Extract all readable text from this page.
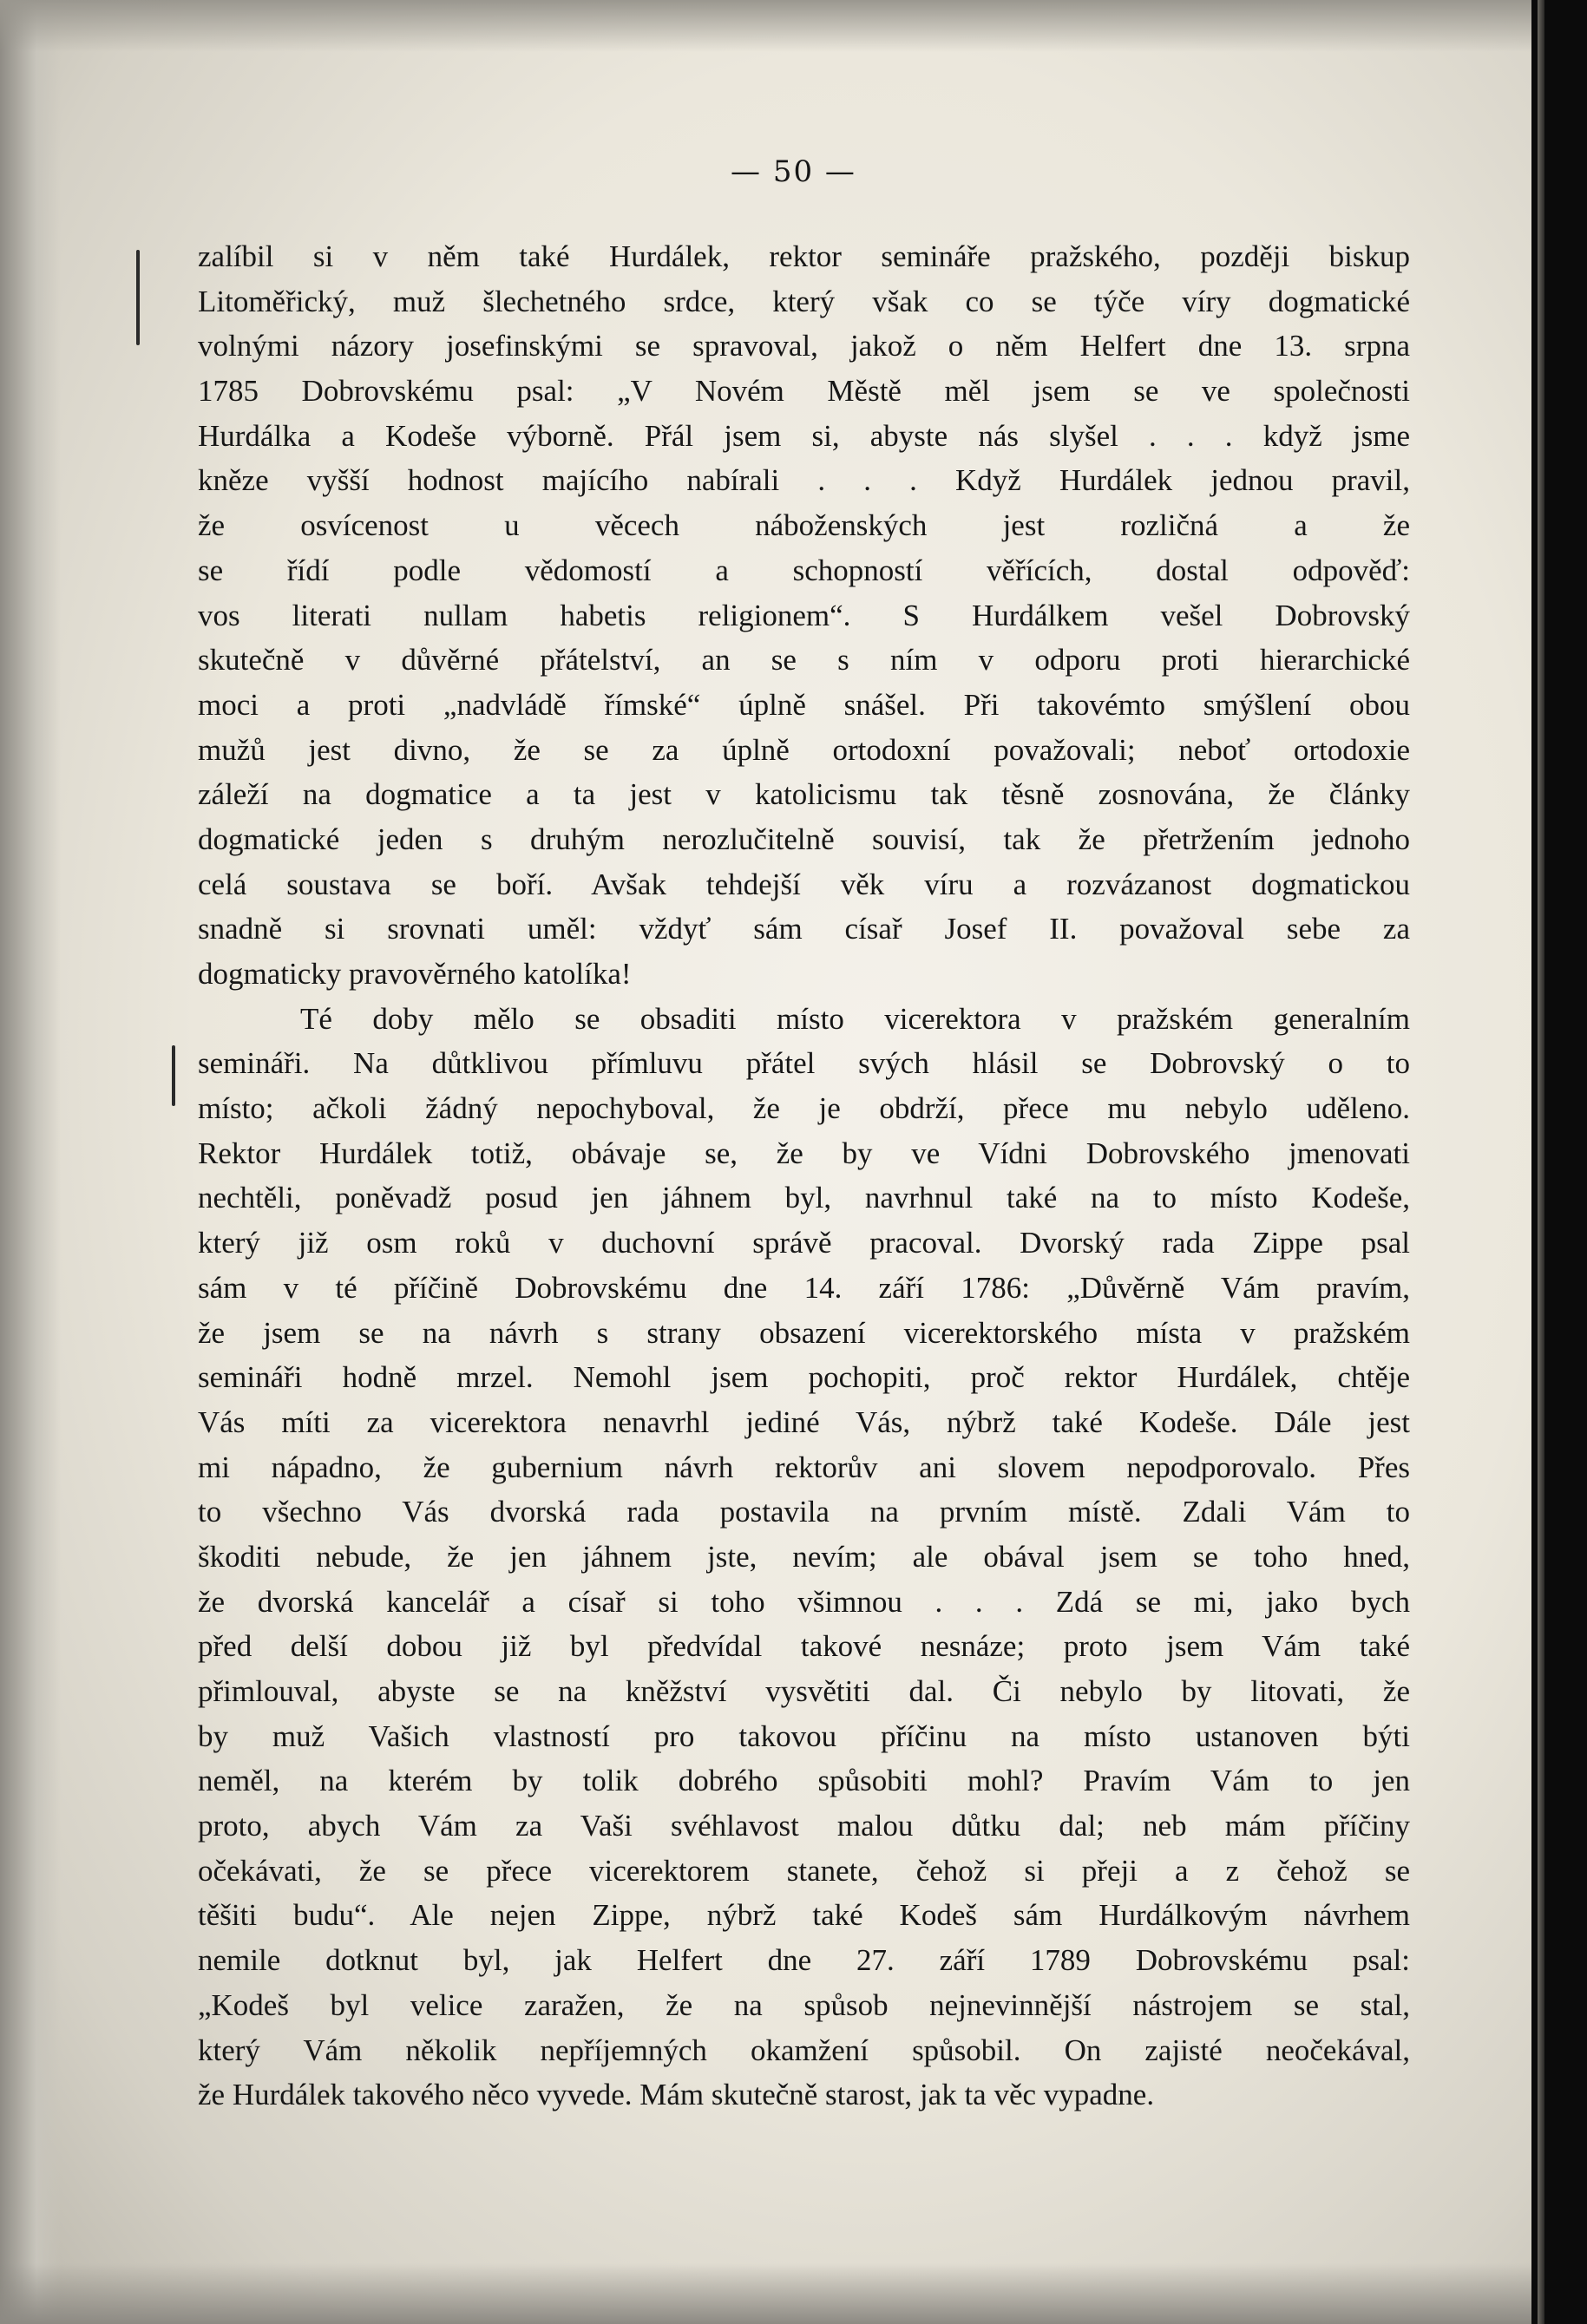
— 50 —
zalíbil si v něm také Hurdálek, rektor semináře pražského, později biskup
Litoměřický, muž šlechetného srdce, který však co se týče víry dogmatické
volnými názory josefinskými se spravoval, jakož o něm Helfert dne 13. srpna
1785 Dobrovskému psal: „V Novém Městě měl jsem se ve společnosti
Hurdálka a Kodeše výborně. Přál jsem si, abyste nás slyšel . . . když jsme
kněze vyšší hodnost majícího nabírali . . . Když Hurdálek jednou pravil,
že osvícenost u věcech náboženských jest rozličná a že
se řídí podle vědomostí a schopností věřících, dostal odpověď:
vos literati nullam habetis religionem“. S Hurdálkem vešel Dobrovský
skutečně v důvěrné přátelství, an se s ním v odporu proti hierarchické
moci a proti „nadvládě římské“ úplně snášel. Při takovémto smýšlení obou
mužů jest divno, že se za úplně ortodoxní považovali; neboť ortodoxie
záleží na dogmatice a ta jest v katolicismu tak těsně zosnována, že články
dogmatické jeden s druhým nerozlučitelně souvisí, tak že přetržením jednoho
celá soustava se boří. Avšak tehdejší věk víru a rozvázanost dogmatickou
snadně si srovnati uměl: vždyť sám císař Josef II. považoval sebe za
dogmaticky pravověrného katolíka!
Té doby mělo se obsaditi místo vicerektora v pražském generalním
semináři. Na důtklivou přímluvu přátel svých hlásil se Dobrovský o to
místo; ačkoli žádný nepochyboval, že je obdrží, přece mu nebylo uděleno.
Rektor Hurdálek totiž, obávaje se, že by ve Vídni Dobrovského jmenovati
nechtěli, poněvadž posud jen jáhnem byl, navrhnul také na to místo Kodeše,
který již osm roků v duchovní správě pracoval. Dvorský rada Zippe psal
sám v té příčině Dobrovskému dne 14. září 1786: „Důvěrně Vám pravím,
že jsem se na návrh s strany obsazení vicerektorského místa v pražském
semináři hodně mrzel. Nemohl jsem pochopiti, proč rektor Hurdálek, chtěje
Vás míti za vicerektora nenavrhl jediné Vás, nýbrž také Kodeše. Dále jest
mi nápadno, že gubernium návrh rektorův ani slovem nepodporovalo. Přes
to všechno Vás dvorská rada postavila na prvním místě. Zdali Vám to
škoditi nebude, že jen jáhnem jste, nevím; ale obával jsem se toho hned,
že dvorská kancelář a císař si toho všimnou . . . Zdá se mi, jako bych
před delší dobou již byl předvídal takové nesnáze; proto jsem Vám také
přimlouval, abyste se na kněžství vysvětiti dal. Či nebylo by litovati, že
by muž Vašich vlastností pro takovou příčinu na místo ustanoven býti
neměl, na kterém by tolik dobrého spůsobiti mohl? Pravím Vám to jen
proto, abych Vám za Vaši svéhlavost malou důtku dal; neb mám příčiny
očekávati, že se přece vicerektorem stanete, čehož si přeji a z čehož se
těšiti budu“. Ale nejen Zippe, nýbrž také Kodeš sám Hurdálkovým návrhem
nemile dotknut byl, jak Helfert dne 27. září 1789 Dobrovskému psal:
„Kodeš byl velice zaražen, že na spůsob nejnevinnější nástrojem se stal,
který Vám několik nepříjemných okamžení spůsobil. On zajisté neočekával,
že Hurdálek takového něco vyvede. Mám skutečně starost, jak ta věc vypadne.
